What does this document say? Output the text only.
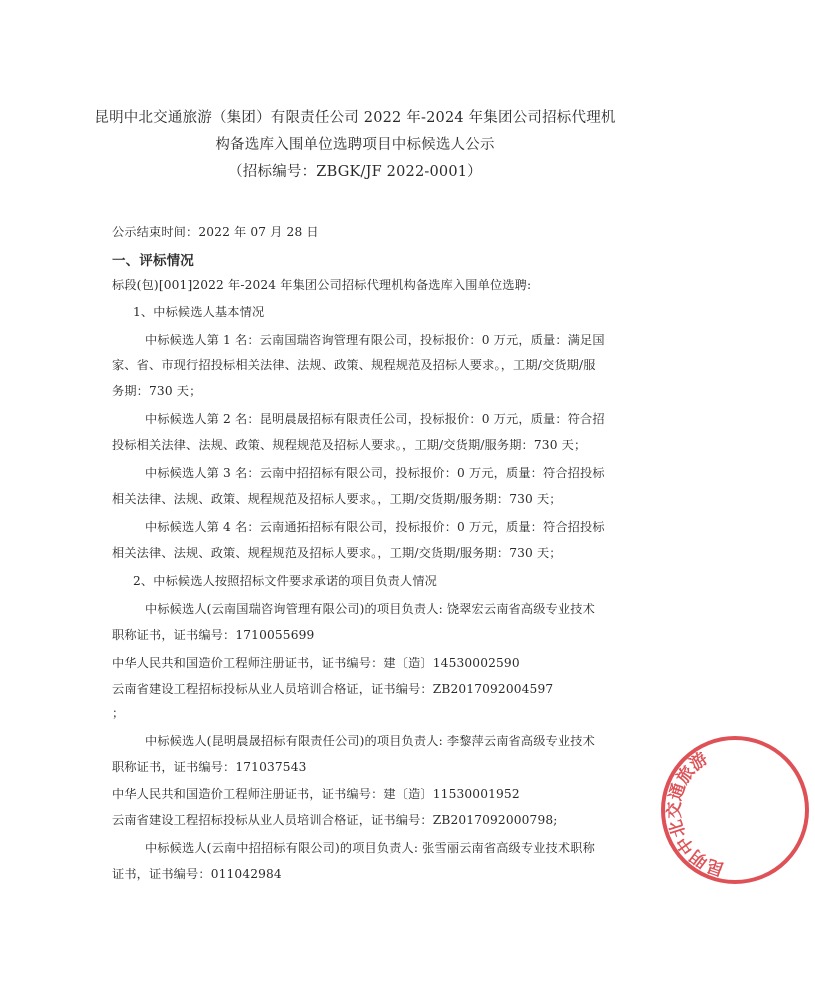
昆明中北交通旅游（集团）有限责任公司 2022 年-2024 年集团公司招标代理机
构备选库入围单位选聘项目中标候选人公示
（招标编号：ZBGK/JF 2022-0001）
公示结束时间：2022 年 07 月 28 日
一、评标情况
标段(包)[001]2022 年-2024 年集团公司招标代理机构备选库入围单位选聘:
1、中标候选人基本情况
中标候选人第 1 名：云南国瑞咨询管理有限公司，投标报价：0 万元，质量：满足国
家、省、市现行招投标相关法律、法规、政策、规程规范及招标人要求。，工期/交货期/服
务期：730 天；
中标候选人第 2 名：昆明晨晟招标有限责任公司，投标报价：0 万元，质量：符合招
投标相关法律、法规、政策、规程规范及招标人要求。，工期/交货期/服务期：730 天；
中标候选人第 3 名：云南中招招标有限公司，投标报价：0 万元，质量：符合招投标
相关法律、法规、政策、规程规范及招标人要求。，工期/交货期/服务期：730 天；
中标候选人第 4 名：云南通拓招标有限公司，投标报价：0 万元，质量：符合招投标
相关法律、法规、政策、规程规范及招标人要求。，工期/交货期/服务期：730 天；
2、中标候选人按照招标文件要求承诺的项目负责人情况
中标候选人(云南国瑞咨询管理有限公司)的项目负责人: 饶翠宏云南省高级专业技术
职称证书，证书编号：1710055699
中华人民共和国造价工程师注册证书，证书编号：建〔造〕14530002590
云南省建设工程招标投标从业人员培训合格证，证书编号：ZB2017092004597
；
中标候选人(昆明晨晟招标有限责任公司)的项目负责人: 李黎萍云南省高级专业技术
职称证书，证书编号：171037543
中华人民共和国造价工程师注册证书，证书编号：建〔造〕11530001952
云南省建设工程招标投标从业人员培训合格证，证书编号：ZB2017092000798;
中标候选人(云南中招招标有限公司)的项目负责人: 张雪丽云南省高级专业技术职称
证书，证书编号：011042984	昆明中北交通旅游
